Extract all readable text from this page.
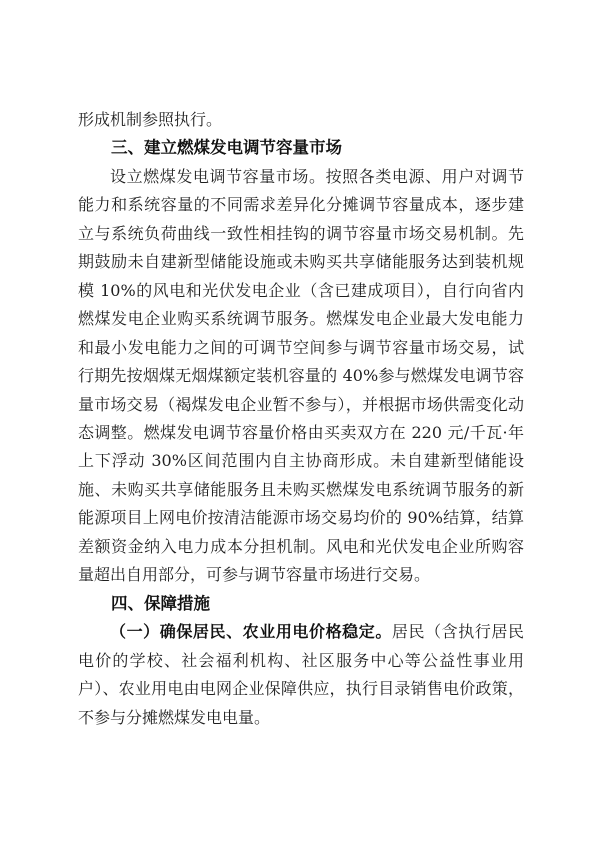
形成机制参照执行。

三、建立燃煤发电调节容量市场

设立燃煤发电调节容量市场。按照各类电源、用户对调节能力和系统容量的不同需求差异化分摊调节容量成本，逐步建立与系统负荷曲线一致性相挂钩的调节容量市场交易机制。先期鼓励未自建新型储能设施或未购买共享储能服务达到装机规模 10%的风电和光伏发电企业（含已建成项目），自行向省内燃煤发电企业购买系统调节服务。燃煤发电企业最大发电能力和最小发电能力之间的可调节空间参与调节容量市场交易，试行期先按烟煤无烟煤额定装机容量的 40%参与燃煤发电调节容量市场交易（褐煤发电企业暂不参与），并根据市场供需变化动态调整。燃煤发电调节容量价格由买卖双方在 220 元/千瓦·年上下浮动 30%区间范围内自主协商形成。未自建新型储能设施、未购买共享储能服务且未购买燃煤发电系统调节服务的新能源项目上网电价按清洁能源市场交易均价的 90%结算，结算差额资金纳入电力成本分担机制。风电和光伏发电企业所购容量超出自用部分，可参与调节容量市场进行交易。

四、保障措施

（一）确保居民、农业用电价格稳定。居民（含执行居民电价的学校、社会福利机构、社区服务中心等公益性事业用户）、农业用电由电网企业保障供应，执行目录销售电价政策，不参与分摊燃煤发电电量。
